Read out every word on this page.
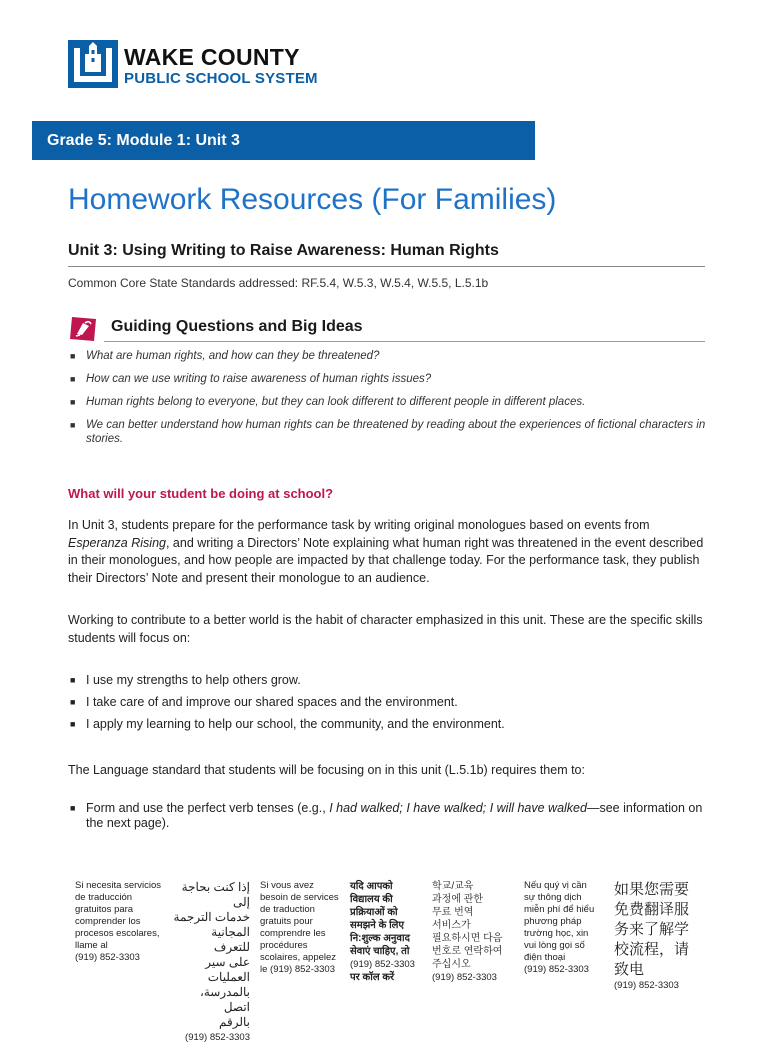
WAKE COUNTY
PUBLIC SCHOOL SYSTEM
Grade 5: Module 1: Unit 3
Homework Resources (For Families)
Unit 3: Using Writing to Raise Awareness: Human Rights
Common Core State Standards addressed: RF.5.4, W.5.3, W.5.4, W.5.5, L.5.1b
Guiding Questions and Big Ideas
■ What are human rights, and how can they be threatened?
■ How can we use writing to raise awareness of human rights issues?
■ Human rights belong to everyone, but they can look different to different people in different places.
■ We can better understand how human rights can be threatened by reading about the experiences of fictional characters in stories.
What will your student be doing at school?

In Unit 3, students prepare for the performance task by writing original monologues based on events from Esperanza Rising, and writing a Directors’ Note explaining what human right was threatened in the event described in their monologues, and how people are impacted by that challenge today. For the performance task, they publish their Directors’ Note and present their monologue to an audience.

Working to contribute to a better world is the habit of character emphasized in this unit. These are the specific skills students will focus on:

■ I use my strengths to help others grow.
■ I take care of and improve our shared spaces and the environment.
■ I apply my learning to help our school, the community, and the environment.

The Language standard that students will be focusing on in this unit (L.5.1b) requires them to:

■ Form and use the perfect verb tenses (e.g., I had walked; I have walked; I will have walked—see information on the next page).
Si necesita servicios
de traducción
gratuitos para
comprender los
procesos escolares,
llame al
(919) 852-3303
إذا كنت بحاجة إلى
خدمات الترجمة
المجانية للتعرف
على سير العمليات
بالمدرسة، اتصل
بالرقم
(919) 852-3303
Si vous avez
besoin de services
de traduction
gratuits pour
comprendre les
procédures
scolaires, appelez
le (919) 852-3303
यदि आपको
विद्यालय की
प्रक्रियाओं को
समझने के लिए
नि:शुल्क अनुवाद
सेवाएं चाहिए, तो
(919) 852-3303
पर कॉल करें
학교/교육
과정에 관한
무료 번역
서비스가
필요하시면 다음
번호로 연락하여
주십시오
(919) 852-3303
Nếu quý vị cần
sự thông dịch
miễn phí để hiểu
phương pháp
trường học, xin
vui lòng gọi số
điện thoại
(919) 852-3303
如果您需要
免费翻译服
务来了解学
校流程，请
致电
(919) 852-3303
